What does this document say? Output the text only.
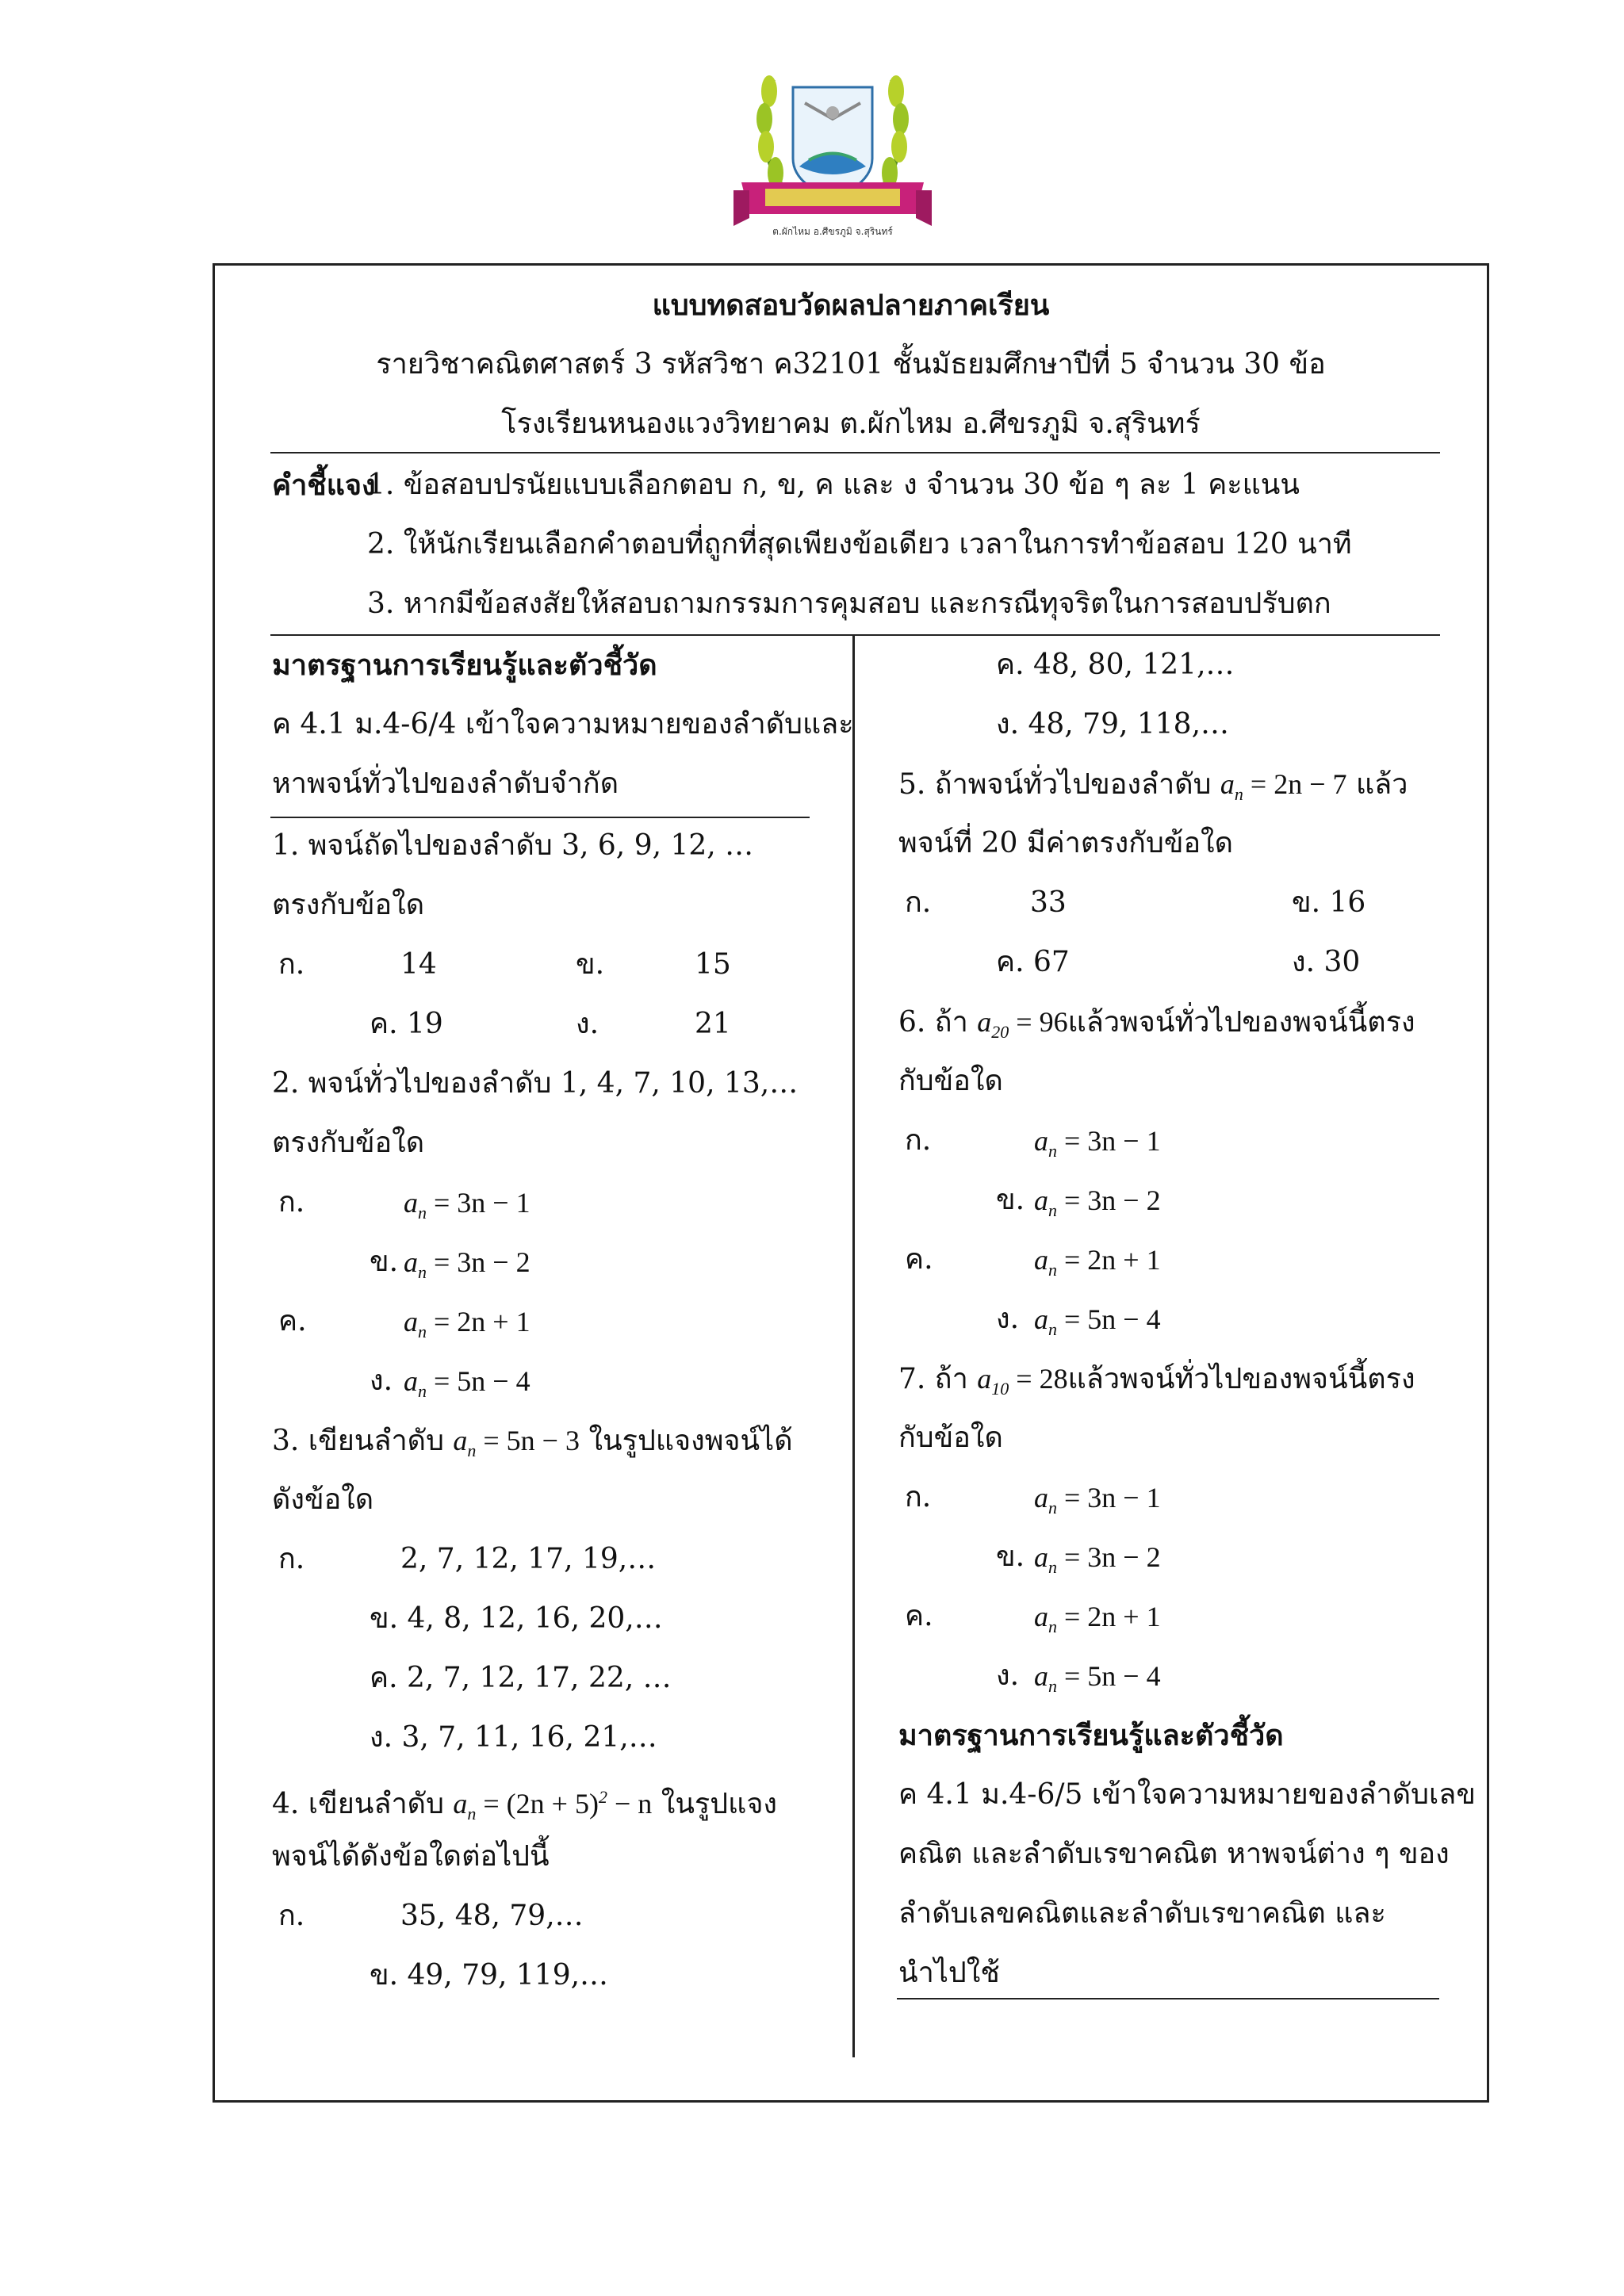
ต.ผักไหม อ.ศีขรภูมิ จ.สุรินทร์
แบบทดสอบวัดผลปลายภาคเรียน
รายวิชาคณิตศาสตร์ 3 รหัสวิชา ค32101 ชั้นมัธยมศึกษาปีที่ 5 จำนวน 30 ข้อ
โรงเรียนหนองแวงวิทยาคม ต.ผักไหม อ.ศีขรภูมิ จ.สุรินทร์
คำชี้แจง
1. ข้อสอบปรนัยแบบเลือกตอบ ก, ข, ค และ ง จำนวน 30 ข้อ ๆ ละ 1 คะแนน
2. ให้นักเรียนเลือกคำตอบที่ถูกที่สุดเพียงข้อเดียว เวลาในการทำข้อสอบ 120 นาที
3. หากมีข้อสงสัยให้สอบถามกรรมการคุมสอบ และกรณีทุจริตในการสอบปรับตก
มาตรฐานการเรียนรู้และตัวชี้วัด
ค 4.1 ม.4-6/4 เข้าใจความหมายของลำดับและ
หาพจน์ทั่วไปของลำดับจำกัด
1. พจน์ถัดไปของลำดับ 3, 6, 9, 12, …
ตรงกับข้อใด
ก.	14	ข.	15
ค. 19	ง.	21
2. พจน์ทั่วไปของลำดับ 1, 4, 7, 10, 13,…
ตรงกับข้อใด
ก.	$a_n = 3n - 1$
ข. $a_n = 3n - 2$
ค.	$a_n = 2n + 1$
ง. $a_n = 5n - 4$
3. เขียนลำดับ $a_n = 5n - 3$ ในรูปแจงพจน์ได้
ดังข้อใด
ก.	2, 7, 12, 17, 19,…
ข. 4, 8, 12, 16, 20,…
ค. 2, 7, 12, 17, 22, …
ง. 3, 7, 11, 16, 21,…
4. เขียนลำดับ $a_n = (2n + 5)^2 - n$ ในรูปแจง
พจน์ได้ดังข้อใดต่อไปนี้
ก.	35, 48, 79,…
ข. 49, 79, 119,…
ค. 48, 80, 121,…
ง. 48, 79, 118,…
5. ถ้าพจน์ทั่วไปของลำดับ $a_n = 2n - 7$ แล้ว
พจน์ที่ 20 มีค่าตรงกับข้อใด
ก.	33	ข. 16
ค. 67	ง. 30
6. ถ้า $a_{20} = 96$แล้วพจน์ทั่วไปของพจน์นี้ตรง
กับข้อใด
ก.	$a_n = 3n - 1$
ข. $a_n = 3n - 2$
ค.	$a_n = 2n + 1$
ง. $a_n = 5n - 4$
7. ถ้า $a_{10} = 28$แล้วพจน์ทั่วไปของพจน์นี้ตรง
กับข้อใด
ก.	$a_n = 3n - 1$
ข. $a_n = 3n - 2$
ค.	$a_n = 2n + 1$
ง. $a_n = 5n - 4$
มาตรฐานการเรียนรู้และตัวชี้วัด
ค 4.1 ม.4-6/5 เข้าใจความหมายของลำดับเลข
คณิต และลำดับเรขาคณิต หาพจน์ต่าง ๆ ของ
ลำดับเลขคณิตและลำดับเรขาคณิต และ
นำไปใช้
